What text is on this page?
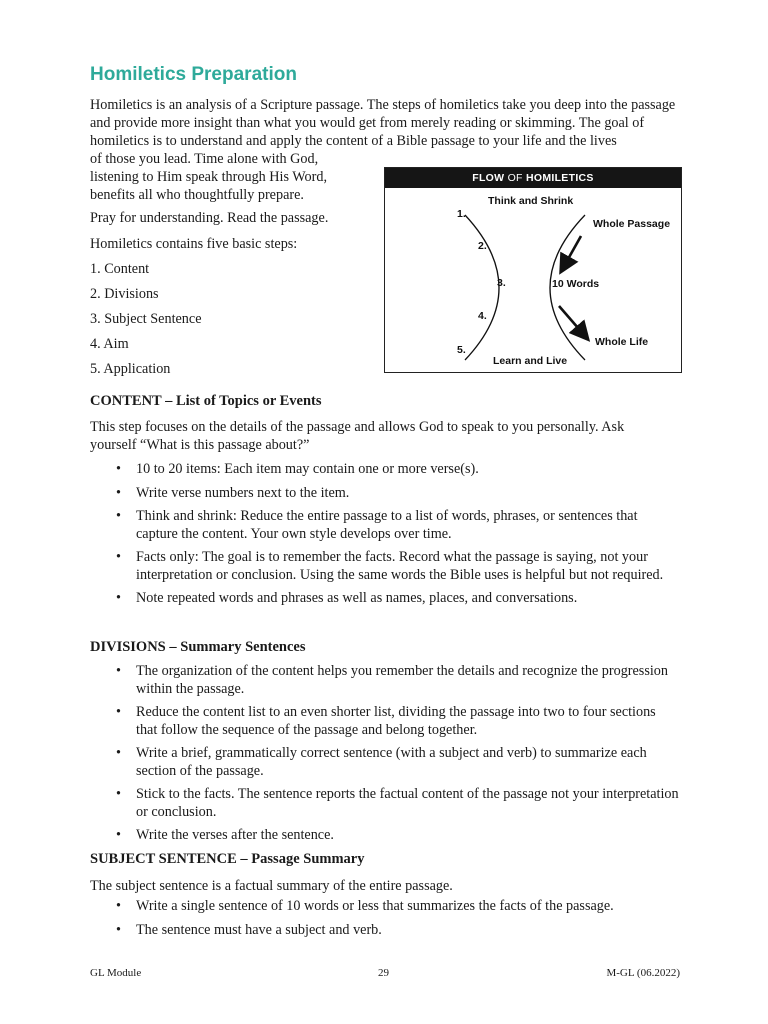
Homiletics Preparation

Homiletics is an analysis of a Scripture passage. The steps of homiletics take you deep into the passage and provide more insight than what you would get from merely reading or skimming. The goal of homiletics is to understand and apply the content of a Bible passage to your life and the lives

of those you lead. Time alone with God,
listening to Him speak through His Word,
benefits all who thoughtfully prepare.
Pray for understanding. Read the passage.
Homiletics contains five basic steps:
1. Content
2. Divisions
3. Subject Sentence
4. Aim
5. Application
FLOW OF HOMILETICS
Think and Shrink
Whole Passage
10 Words
Whole Life
Learn and Live
1.
2.
3.
4.
5.
CONTENT – List of Topics or Events

This step focuses on the details of the passage and allows God to speak to you personally. Ask yourself “What is this passage about?”

• 10 to 20 items: Each item may contain one or more verse(s).
• Write verse numbers next to the item.
• Think and shrink: Reduce the entire passage to a list of words, phrases, or sentences that capture the content. Your own style develops over time.
• Facts only: The goal is to remember the facts. Record what the passage is saying, not your interpretation or conclusion. Using the same words the Bible uses is helpful but not required.
• Note repeated words and phrases as well as names, places, and conversations.
DIVISIONS – Summary Sentences
• The organization of the content helps you remember the details and recognize the progression within the passage.
• Reduce the content list to an even shorter list, dividing the passage into two to four sections that follow the sequence of the passage and belong together.
• Write a brief, grammatically correct sentence (with a subject and verb) to summarize each section of the passage.
• Stick to the facts. The sentence reports the factual content of the passage not your interpretation or conclusion.
• Write the verses after the sentence.
SUBJECT SENTENCE – Passage Summary
The subject sentence is a factual summary of the entire passage.
• Write a single sentence of 10 words or less that summarizes the facts of the passage.
• The sentence must have a subject and verb.
GL Module	29	M-GL (06.2022)
